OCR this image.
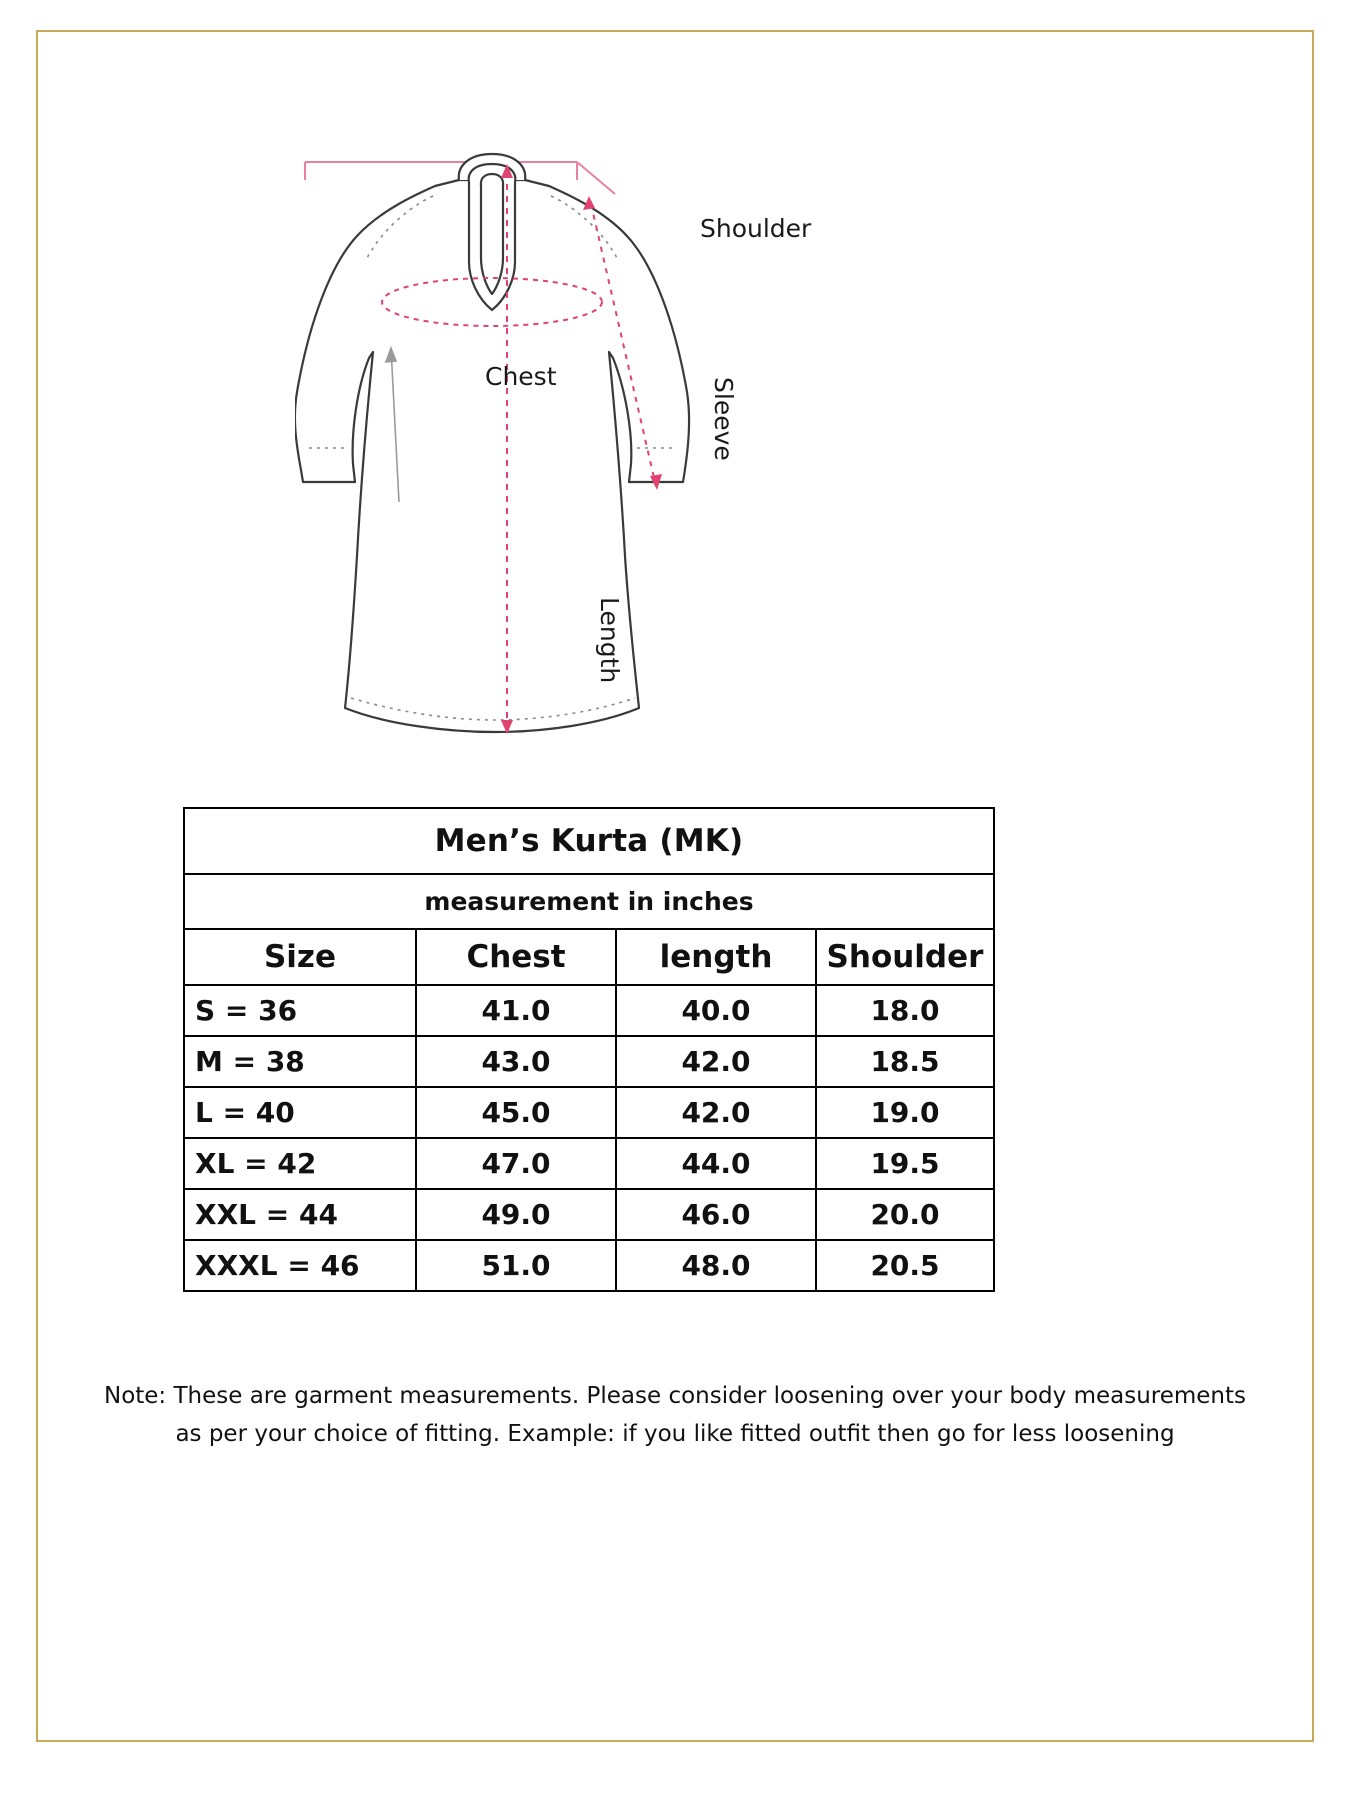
Shoulder
Chest
Sleeve
Length
Men’s Kurta (MK)			
measurement in inches			
Size	Chest	length	Shoulder
S = 36	41.0	40.0	18.0
M = 38	43.0	42.0	18.5
L = 40	45.0	42.0	19.0
XL = 42	47.0	44.0	19.5
XXL = 44	49.0	46.0	20.0
XXXL = 46	51.0	48.0	20.5
Note: These are garment measurements. Please consider loosening over your body measurements
as per your choice of fitting. Example: if you like fitted outfit then go for less loosening
